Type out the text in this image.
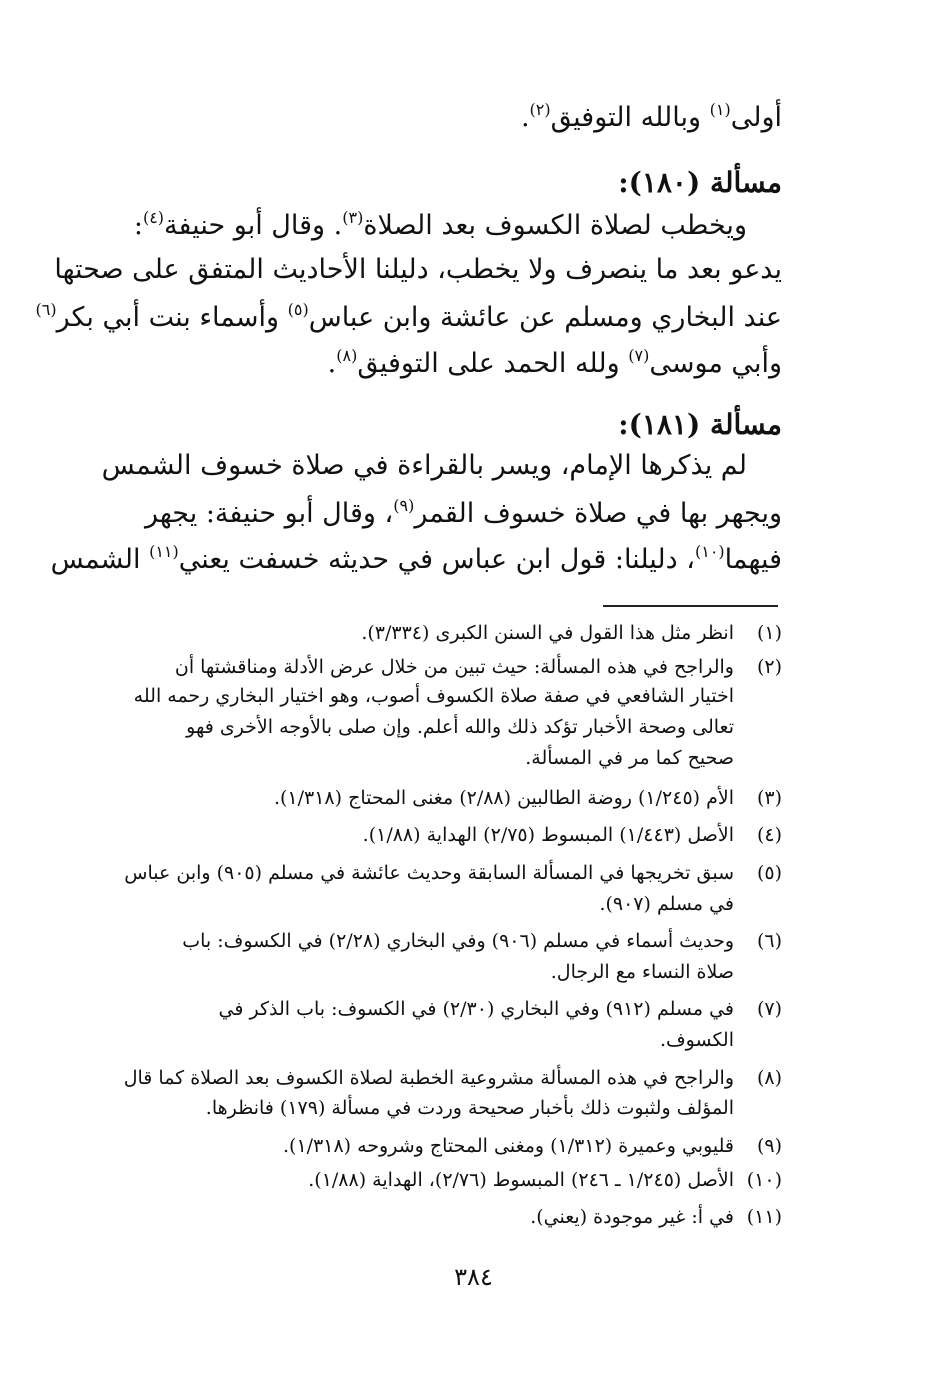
أولى$^{(١)}$ وبالله التوفيق$^{(٢)}$.
مسألة (١٨٠):
ويخطب لصلاة الكسوف بعد الصلاة$^{(٣)}$. وقال أبو حنيفة$^{(٤)}$:
يدعو بعد ما ينصرف ولا يخطب، دليلنا الأحاديث المتفق على صحتها
عند البخاري ومسلم عن عائشة وابن عباس$^{(٥)}$ وأسماء بنت أبي بكر$^{(٦)}$
وأبي موسى$^{(٧)}$ ولله الحمد على التوفيق$^{(٨)}$.
مسألة (١٨١):
لم يذكرها الإمام، ويسر بالقراءة في صلاة خسوف الشمس
ويجهر بها في صلاة خسوف القمر$^{(٩)}$، وقال أبو حنيفة: يجهر
فيهما$^{(١٠)}$، دليلنا: قول ابن عباس في حديثه خسفت يعني$^{(١١)}$ الشمس
(١)انظر مثل هذا القول في السنن الكبرى (٣/٣٣٤).
(٢)والراجح في هذه المسألة: حيث تبين من خلال عرض الأدلة ومناقشتها أن
اختيار الشافعي في صفة صلاة الكسوف أصوب، وهو اختيار البخاري رحمه الله
تعالى وصحة الأخبار تؤكد ذلك والله أعلم. وإن صلى بالأوجه الأخرى فهو
صحيح كما مر في المسألة.
(٣)الأم (١/٢٤٥) روضة الطالبين (٢/٨٨) مغنى المحتاج (١/٣١٨).
(٤)الأصل (١/٤٤٣) المبسوط (٢/٧٥) الهداية (١/٨٨).
(٥)سبق تخريجها في المسألة السابقة وحديث عائشة في مسلم (٩٠٥) وابن عباس
في مسلم (٩٠٧).
(٦)وحديث أسماء في مسلم (٩٠٦) وفي البخاري (٢/٢٨) في الكسوف: باب
صلاة النساء مع الرجال.
(٧)في مسلم (٩١٢) وفي البخاري (٢/٣٠) في الكسوف: باب الذكر في
الكسوف.
(٨)والراجح في هذه المسألة مشروعية الخطبة لصلاة الكسوف بعد الصلاة كما قال
المؤلف ولثبوت ذلك بأخبار صحيحة وردت في مسألة (١٧٩) فانظرها.
(٩)قليوبي وعميرة (١/٣١٢) ومغنى المحتاج وشروحه (١/٣١٨).
(١٠)الأصل (١/٢٤٥ ـ ٢٤٦) المبسوط (٢/٧٦)، الهداية (١/٨٨).
(١١)في أ: غير موجودة (يعني).
٣٨٤
